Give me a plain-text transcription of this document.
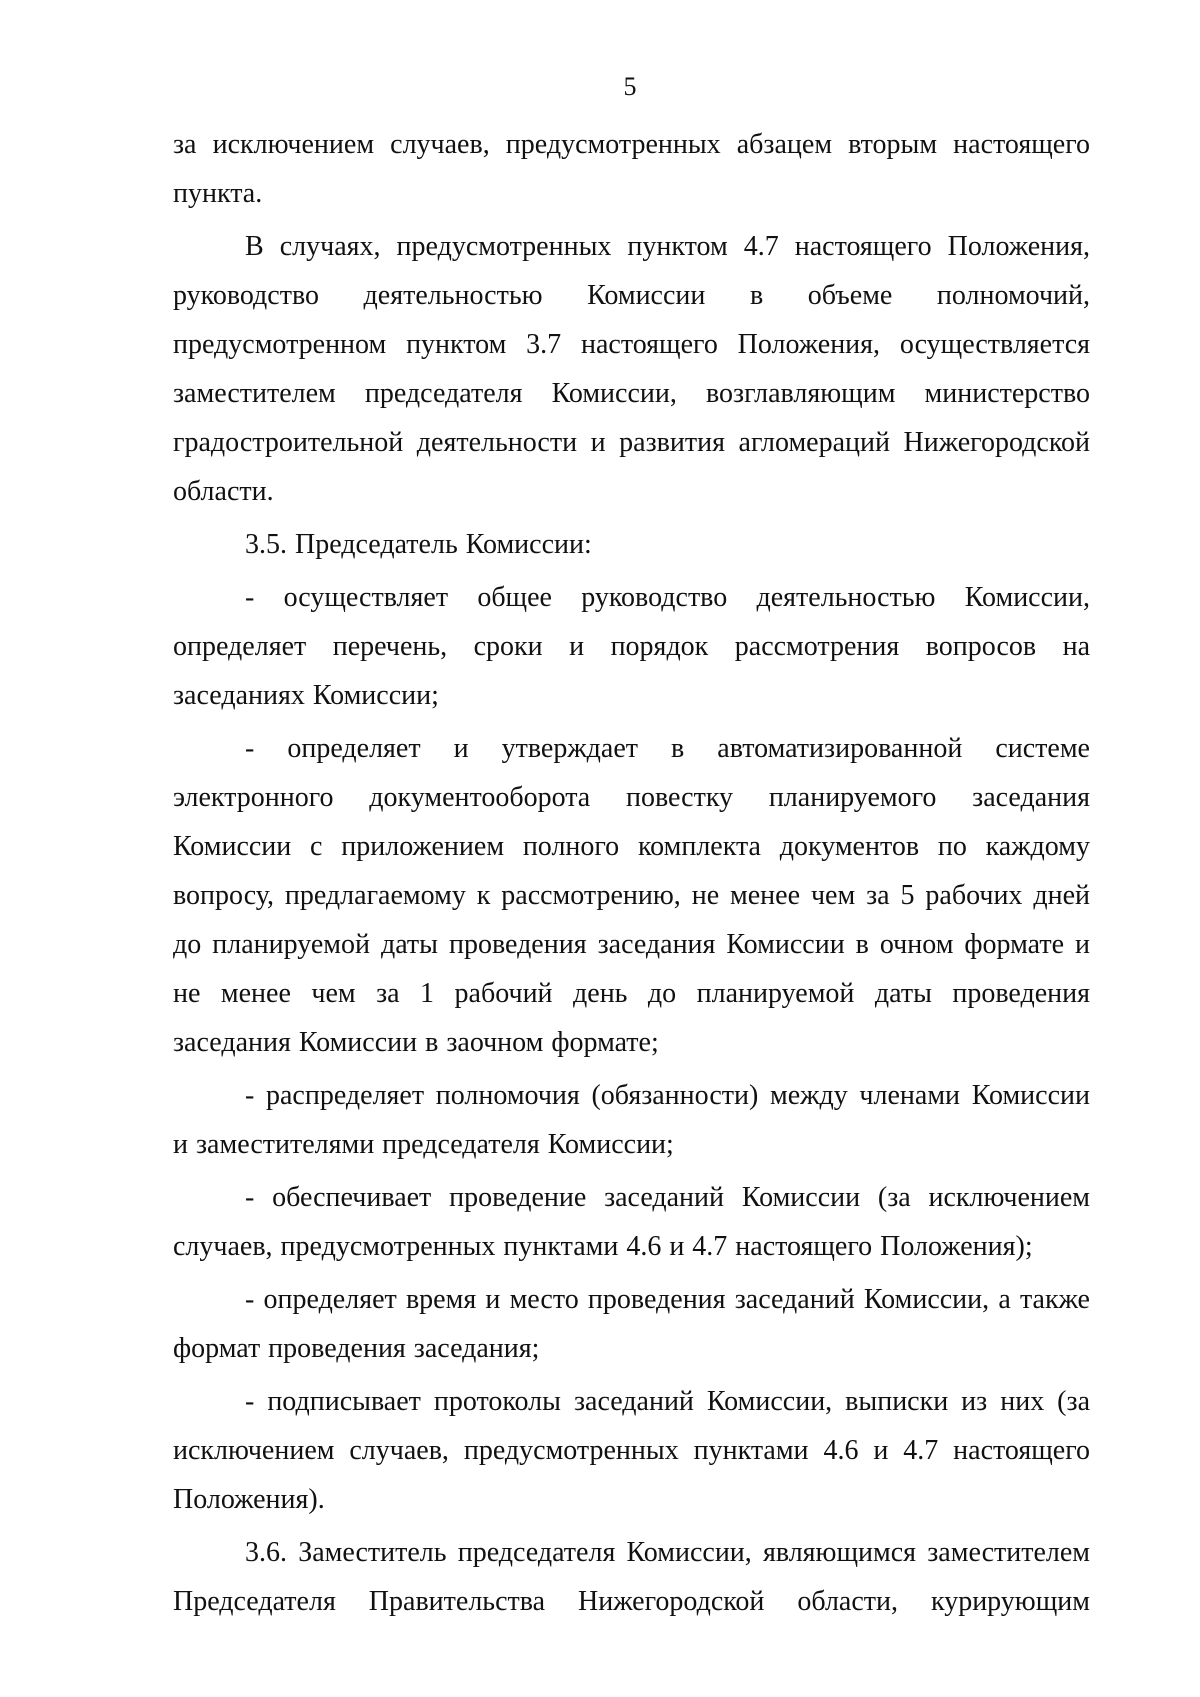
5

за исключением случаев, предусмотренных абзацем вторым настоящего пункта.

В случаях, предусмотренных пунктом 4.7 настоящего Положения, руководство деятельностью Комиссии в объеме полномочий, предусмотренном пунктом 3.7 настоящего Положения, осуществляется заместителем председателя Комиссии, возглавляющим министерство градостроительной деятельности и развития агломераций Нижегородской области.

3.5. Председатель Комиссии:

- осуществляет общее руководство деятельностью Комиссии, определяет перечень, сроки и порядок рассмотрения вопросов на заседаниях Комиссии;

- определяет и утверждает в автоматизированной системе электронного документооборота повестку планируемого заседания Комиссии с приложением полного комплекта документов по каждому вопросу, предлагаемому к рассмотрению, не менее чем за 5 рабочих дней до планируемой даты проведения заседания Комиссии в очном формате и не менее чем за 1 рабочий день до планируемой даты проведения заседания Комиссии в заочном формате;

- распределяет полномочия (обязанности) между членами Комиссии и заместителями председателя Комиссии;

- обеспечивает проведение заседаний Комиссии (за исключением случаев, предусмотренных пунктами 4.6 и 4.7 настоящего Положения);

- определяет время и место проведения заседаний Комиссии, а также формат проведения заседания;

- подписывает протоколы заседаний Комиссии, выписки из них (за исключением случаев, предусмотренных пунктами 4.6 и 4.7 настоящего Положения).

3.6. Заместитель председателя Комиссии, являющимся заместителем Председателя Правительства Нижегородской области, курирующим
